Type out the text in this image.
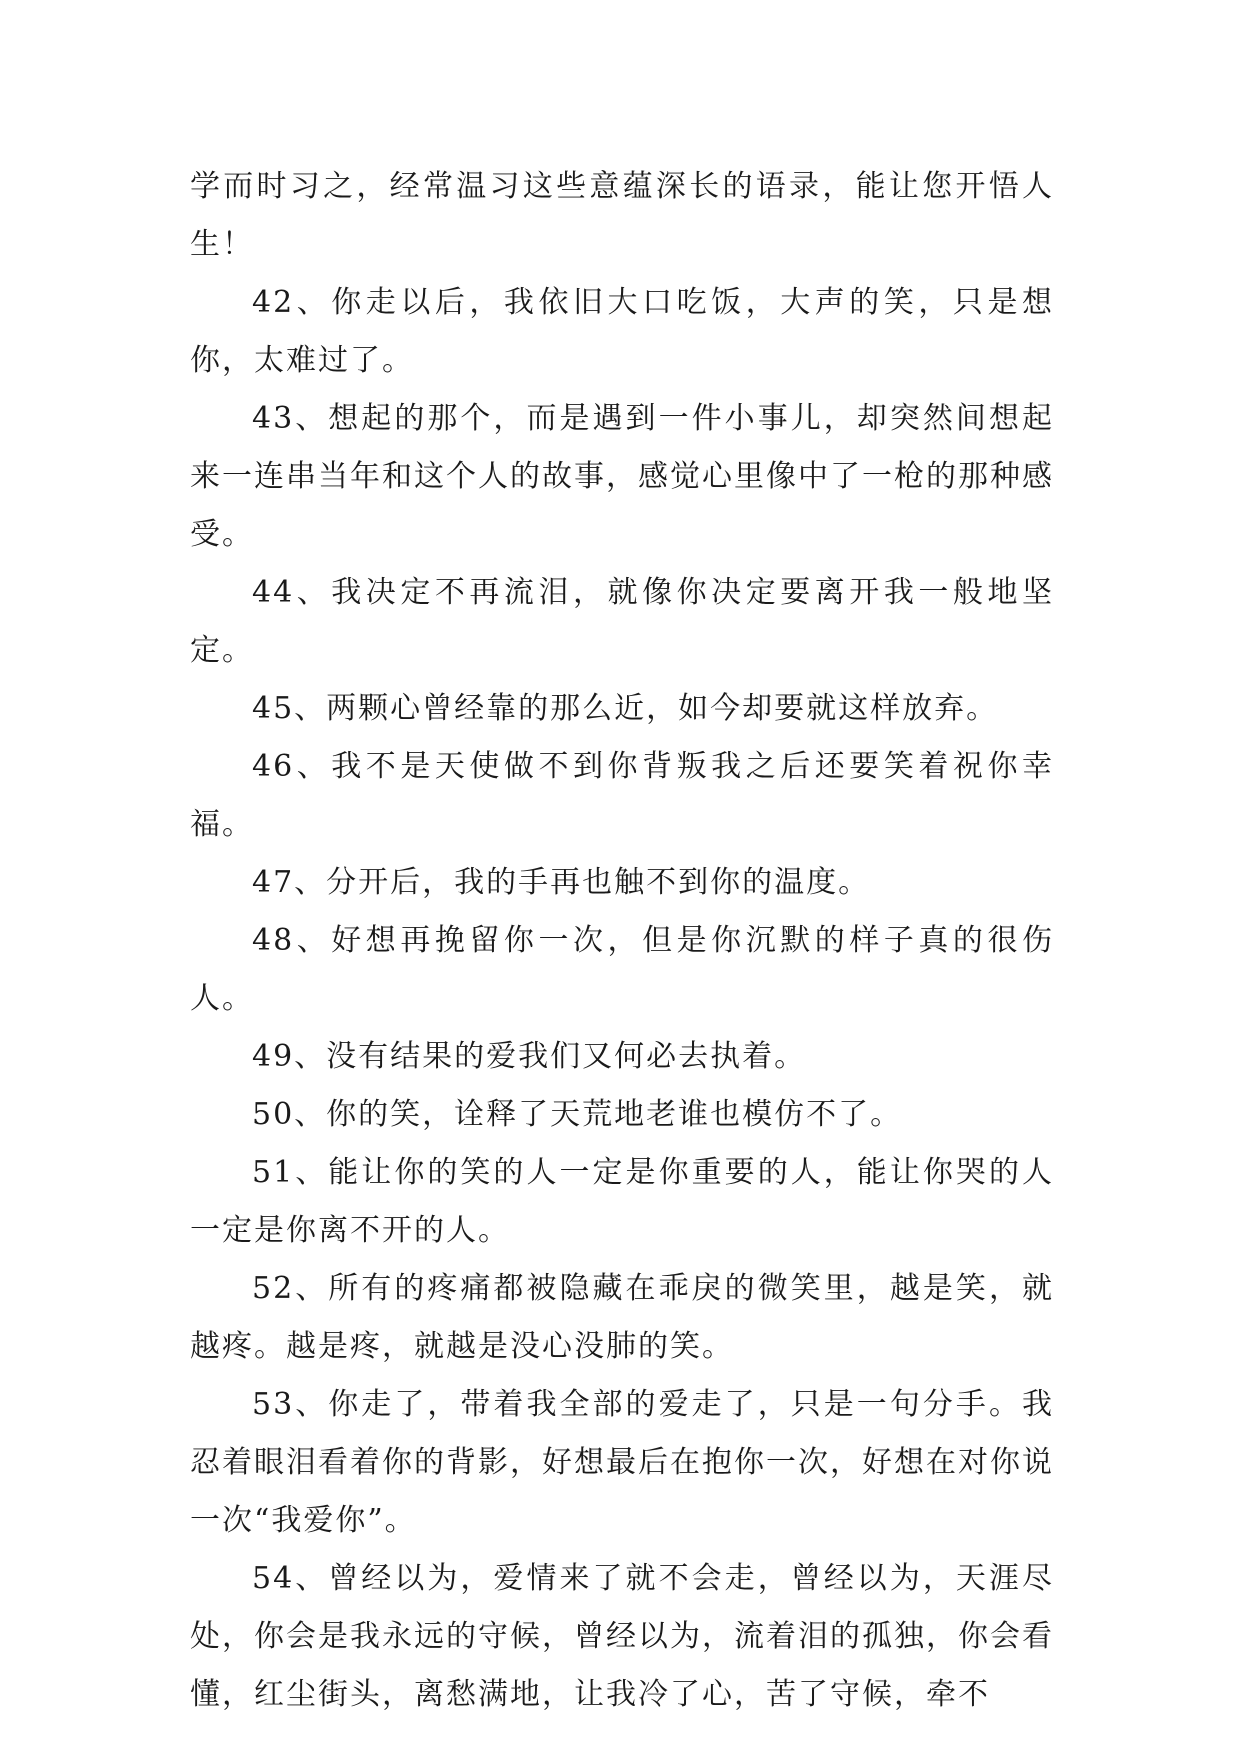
学而时习之，经常温习这些意蕴深长的语录，能让您开悟人生！

42、你走以后，我依旧大口吃饭，大声的笑，只是想你，太难过了。

43、想起的那个，而是遇到一件小事儿，却突然间想起来一连串当年和这个人的故事，感觉心里像中了一枪的那种感受。

44、我决定不再流泪，就像你决定要离开我一般地坚定。

45、两颗心曾经靠的那么近，如今却要就这样放弃。

46、我不是天使做不到你背叛我之后还要笑着祝你幸福。

47、分开后，我的手再也触不到你的温度。

48、好想再挽留你一次，但是你沉默的样子真的很伤人。

49、没有结果的爱我们又何必去执着。

50、你的笑，诠释了天荒地老谁也模仿不了。

51、能让你的笑的人一定是你重要的人，能让你哭的人一定是你离不开的人。

52、所有的疼痛都被隐藏在乖戾的微笑里，越是笑，就越疼。越是疼，就越是没心没肺的笑。

53、你走了，带着我全部的爱走了，只是一句分手。我忍着眼泪看着你的背影，好想最后在抱你一次，好想在对你说一次“我爱你”。

54、曾经以为，爱情来了就不会走，曾经以为，天涯尽处，你会是我永远的守候，曾经以为，流着泪的孤独，你会看懂，红尘街头，离愁满地，让我冷了心，苦了守候，牵不
